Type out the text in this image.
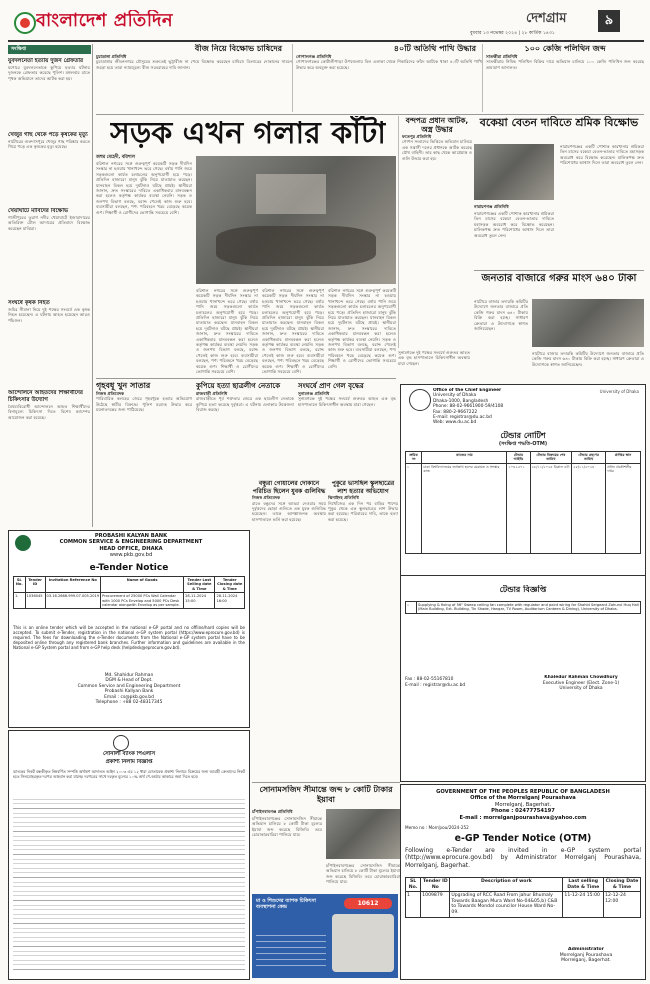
বাংলাদেশ প্রতিদিন	দেশগ্রাম	৯
বুধবার ১৩ নভেম্বর ২০২৪ | ২৮ কার্তিক ১৪৩১
সংক্ষিপ্ত
যুবদলনেতা হত্যায় দুজন গ্রেফতার
যশোরে যুবদলনেতাকে কুপিয়ে হত্যার ঘটনায় দুজনকে গ্রেফতার করেছে পুলিশ। মঙ্গলবার রাতে পৃথক অভিযানে তাদের আটক করা হয়।
খেজুর গাছ থেকে পড়ে কৃষকের মৃত্যু
নাটোরের গুরুদাসপুরে খেজুর গাছ পরিষ্কার করতে গিয়ে পড়ে এক কৃষকের মৃত্যু হয়েছে।
খেয়াঘাটে মাবিদের বিক্ষোভ
গাজীপুরের তুরাগ নদীর খেয়াঘাটে ইজারাদারের অতিরিক্ত টোল আদায়ের প্রতিবাদে বিক্ষোভ করেছেন মাঝিরা।
সংঘর্ষে কৃষক নিহত
জমির সীমানা নিয়ে দুই পক্ষের সংঘর্ষে এক কৃষক নিহত হয়েছেন। এ ঘটনায় আহত হয়েছেন আরও পাঁচজন।
আন্দোলনে আহতদের শিক্ষার্থীদের চিকিৎসার উদ্যোগ
বৈষম্যবিরোধী আন্দোলনে আহত শিক্ষার্থীদের বিনামূল্যে চিকিৎসা দিতে বিশেষ ক্যাম্পের আয়োজন করা হয়েছে।
বীজ নিয়ে বিক্ষোভ চাষিদের
চুয়াডাঙ্গা প্রতিনিধি
চুয়াডাঙ্গার জীবননগরে মৌসুমের শুরুতেই ভুট্টাবীজ না পেয়ে বিক্ষোভ করেছেন চাষিরা। ডিলারের দোকানের সামনে জড়ো হয়ে তারা ন্যায্যমূল্যে বীজ সরবরাহের দাবি জানান।
৪০টি অতিথি পাখি উদ্ধার
গোপালগঞ্জ প্রতিনিধি
গোপালগঞ্জের কোটালীপাড়া উপজেলায় বিল এলাকা থেকে শিকারিদের ফাঁদে আটকে থাকা ৪০টি অতিথি পাখি উদ্ধার করে অবমুক্ত করা হয়েছে।
১০০ কেজি পলিথিন জব্দ
সাতক্ষীরা প্রতিনিধি
সাতক্ষীরায় নিষিদ্ধ পলিথিন বিক্রির দায়ে অভিযান চালিয়ে ১০০ কেজি পলিথিন জব্দ করেছে ভ্রাম্যমাণ আদালত।
সড়ক এখন গলার কাঁটা
জহুর মেহেদী, বরিশাল
বরিশাল নগরের সঙ্গে গুরুত্বপূর্ণ কয়েকটি সড়ক দীর্ঘদিন সংস্কার না হওয়ায় খানাখন্দে ভরে গেছে। বর্ষায় পানি জমে সড়কগুলো কার্যত চলাচলের অনুপযোগী হয়ে পড়ে। প্রতিদিন হাজারো মানুষ ঝুঁকি নিয়ে যাতায়াত করছেন। যানবাহন বিকল হয়ে দুর্ঘটনাও ঘটছে প্রায়ই। স্থানীয়রা জানান, দ্রুত সংস্কারের দাবিতে একাধিকবার মানববন্ধন করা হলেও কর্তৃপক্ষ কার্যকর ব্যবস্থা নেয়নি। সড়ক ও জনপথ বিভাগ বলছে, বরাদ্দ পেলেই কাজ শুরু হবে। ব্যবসায়ীরা বলছেন, পণ্য পরিবহনে খরচ বেড়েছে কয়েক গুণ। শিক্ষার্থী ও রোগীদের ভোগান্তি সবচেয়ে বেশি।
বরিশাল নগরের সঙ্গে গুরুত্বপূর্ণ কয়েকটি সড়ক দীর্ঘদিন সংস্কার না হওয়ায় খানাখন্দে ভরে গেছে। বর্ষায় পানি জমে সড়কগুলো কার্যত চলাচলের অনুপযোগী হয়ে পড়ে। প্রতিদিন হাজারো মানুষ ঝুঁকি নিয়ে যাতায়াত করছেন। যানবাহন বিকল হয়ে দুর্ঘটনাও ঘটছে প্রায়ই। স্থানীয়রা জানান, দ্রুত সংস্কারের দাবিতে একাধিকবার মানববন্ধন করা হলেও কর্তৃপক্ষ কার্যকর ব্যবস্থা নেয়নি। সড়ক ও জনপথ বিভাগ বলছে, বরাদ্দ পেলেই কাজ শুরু হবে। ব্যবসায়ীরা বলছেন, পণ্য পরিবহনে খরচ বেড়েছে কয়েক গুণ। শিক্ষার্থী ও রোগীদের ভোগান্তি সবচেয়ে বেশি।
বরিশাল নগরের সঙ্গে গুরুত্বপূর্ণ কয়েকটি সড়ক দীর্ঘদিন সংস্কার না হওয়ায় খানাখন্দে ভরে গেছে। বর্ষায় পানি জমে সড়কগুলো কার্যত চলাচলের অনুপযোগী হয়ে পড়ে। প্রতিদিন হাজারো মানুষ ঝুঁকি নিয়ে যাতায়াত করছেন। যানবাহন বিকল হয়ে দুর্ঘটনাও ঘটছে প্রায়ই। স্থানীয়রা জানান, দ্রুত সংস্কারের দাবিতে একাধিকবার মানববন্ধন করা হলেও কর্তৃপক্ষ কার্যকর ব্যবস্থা নেয়নি। সড়ক ও জনপথ বিভাগ বলছে, বরাদ্দ পেলেই কাজ শুরু হবে। ব্যবসায়ীরা বলছেন, পণ্য পরিবহনে খরচ বেড়েছে কয়েক গুণ। শিক্ষার্থী ও রোগীদের ভোগান্তি সবচেয়ে বেশি।
বরিশাল নগরের সঙ্গে গুরুত্বপূর্ণ কয়েকটি সড়ক দীর্ঘদিন সংস্কার না হওয়ায় খানাখন্দে ভরে গেছে। বর্ষায় পানি জমে সড়কগুলো কার্যত চলাচলের অনুপযোগী হয়ে পড়ে। প্রতিদিন হাজারো মানুষ ঝুঁকি নিয়ে যাতায়াত করছেন। যানবাহন বিকল হয়ে দুর্ঘটনাও ঘটছে প্রায়ই। স্থানীয়রা জানান, দ্রুত সংস্কারের দাবিতে একাধিকবার মানববন্ধন করা হলেও কর্তৃপক্ষ কার্যকর ব্যবস্থা নেয়নি। সড়ক ও জনপথ বিভাগ বলছে, বরাদ্দ পেলেই কাজ শুরু হবে। ব্যবসায়ীরা বলছেন, পণ্য পরিবহনে খরচ বেড়েছে কয়েক গুণ। শিক্ষার্থী ও রোগীদের ভোগান্তি সবচেয়ে বেশি।
বন্দপত্র প্রধান আটক, অস্ত্র উদ্ধার
ফতেপুর প্রতিনিধি
গোপন সংবাদের ভিত্তিতে অভিযান চালিয়ে এক সন্ত্রাসী দলের প্রধানকে আটক করেছে যৌথ বাহিনী। তার কাছ থেকে আগ্নেয়াস্ত্র ও গুলি উদ্ধার করা হয়।
বকেয়া বেতন দাবিতে শ্রমিক বিক্ষোভ
নারায়ণগঞ্জ প্রতিনিধি
নারায়ণগঞ্জের একটি পোশাক কারখানার শ্রমিকরা তিন মাসের বকেয়া বেতন-ভাতার দাবিতে মহাসড়ক অবরোধ করে বিক্ষোভ করেছেন। মালিকপক্ষ দ্রুত পরিশোধের আশ্বাস দিলে তারা অবরোধ তুলে নেন।
নারায়ণগঞ্জের একটি পোশাক কারখানার শ্রমিকরা তিন মাসের বকেয়া বেতন-ভাতার দাবিতে মহাসড়ক অবরোধ করে বিক্ষোভ করেছেন। মালিকপক্ষ দ্রুত পরিশোধের আশ্বাস দিলে তারা অবরোধ তুলে নেন।
জনতার বাজারে গরুর মাংস ৬৪০ টাকা
নাটোরে বাজার তদারকি কমিটির উদ্যোগে জনতার বাজারে প্রতি কেজি গরুর মাংস ৬৪০ টাকায় বিক্রি করা হচ্ছে। সাধারণ ক্রেতারা এ উদ্যোগকে স্বাগত জানিয়েছেন।
নাটোরে বাজার তদারকি কমিটির উদ্যোগে জনতার বাজারে প্রতি কেজি গরুর মাংস ৬৪০ টাকায় বিক্রি করা হচ্ছে। সাধারণ ক্রেতারা এ উদ্যোগকে স্বাগত জানিয়েছেন।
গৃহবধূ খুন সাতার
নিজস্ব প্রতিবেদক
পারিবারিক কলহের জেরে গৃহবধূকে হত্যার অভিযোগ উঠেছে স্বামীর বিরুদ্ধে। পুলিশ মরদেহ উদ্ধার করে ময়নাতদন্তের জন্য পাঠিয়েছে।
কুপিয়ে হত্যা ছাত্রলীগ নেতাকে
রাজবাড়ী প্রতিনিধি
রাজবাড়ীতে পূর্ব শত্রুতার জেরে এক ছাত্রলীগ নেতাকে কুপিয়ে হত্যা করেছে দুর্বৃত্তরা। এ ঘটনায় এলাকায় উত্তেজনা বিরাজ করছে।
সংঘর্ষে প্রাণ গেল বৃদ্ধের
সুনামগঞ্জ প্রতিনিধি
সুনামগঞ্জে দুই পক্ষের সংঘর্ষে গুরুতর আহত এক বৃদ্ধ হাসপাতালে চিকিৎসাধীন অবস্থায় মারা গেছেন।
সুনামগঞ্জে দুই পক্ষের সংঘর্ষে গুরুতর আহত এক বৃদ্ধ হাসপাতালে চিকিৎসাধীন অবস্থায় মারা গেছেন।
Office of the Chief Engineer
University of Dhaka
Dhaka-1000, Bangladesh
Phone: 88-02-9661900-59/4108
Fax: 880-2-9667222
E-mail: registrar@du.ac.bd
Web: www.du.ac.bd
University of Dhaka
টেন্ডার নোটিশ
(সংক্ষিপ্ত পদ্ধতি-OTM)
ক্রমিক নং	কাজের নাম	টেন্ডার আইডি	টেন্ডার বিক্রয়ের শেষ তারিখ	টেন্ডার গ্রহণের তারিখ	প্রাপ্তির স্থান
১	ঢাকা বিশ্ববিদ্যালয়ের জগন্নাথ হলের মেরামত ও সংস্কার কাজ	১০৪২৫৭১	২৮/১১/২০২৪ বিকাল ৪টা	২৮/১১/২০২৪	প্রধান প্রকৌশলীর দপ্তর
টেন্ডার বিজ্ঞপ্তি
১	Supplying & fixing of 56" Sweep ceiling fan complete with regulator and point wiring for Shahid Sergeant Zahurul Huq Hall (Main Building, Ext. Building, Tin Shade, Hangar, TV Room, Auditorium Canteen & Dining), University of Dhaka.
Fax : 88-02-55167810
E-mail : registrar@du.ac.bd
Khaledur Rahman Chowdhury
Executive Engineer (Elect. Zone-1)
University of Dhaka
PROBASHI KALYAN BANK
COMMON SERVICE & ENGINEERING DEPARTMENT
HEAD OFFICE, DHAKA
www.pkb.gov.bd
e-Tender Notice
SL No.	Tender ID	Invitation Reference No	Name of Goods	Tender Last Selling date & Time	Tender Closing date & Time
1.	1036045	03.16.2666.999.07.005.2019	Procurement of 25000 PCs Wall Calendar with 1000 PCs Envelop and 5000 PCs Desk calendar alongwith Envelop as per sample.	28-11-2024 15:00	28-11-2024 16:00
This is an online tender which will be accepted in the national e-GP portal and no offline/hard copies will be accepted. To submit e-Tender, registration in the national e-GP system portal (https://www.eprocure.gov.bd) is required. The fees for downloading the e-Tender documents from the National e-GP system portal have to be deposited online through any registered bank branches. Further information and guidelines are available in the National e-GP System portal and from e-GP help desk (helpdesk@eprocure.gov.bd).
Md. Shahidur Rahman
DGM & Head of Dept.
Common Service and Engineering Department
Probashi Kallyan Bank
Email : cs@pkb.gov.bd
Telephone : +88 02-48317345
বন্ধুরা গোয়ালের দোকানে পরিচিত ছিলেন যুবক গুলিবিদ্ধ
নিজস্ব প্রতিবেদক
রাতে বন্ধুদের সঙ্গে আড্ডা দেওয়ার সময় দুর্বৃত্তদের ছোড়া গুলিতে এক যুবক গুলিবিদ্ধ হয়েছেন। তাকে আশঙ্কাজনক অবস্থায় হাসপাতালে ভর্তি করা হয়েছে।
পুকুরে ভাসছিল স্কুলছাত্রের লাশ হত্যার অভিযোগ
ঝিনাইদহ প্রতিনিধি
নিখোঁজের এক দিন পর বাড়ির পাশের পুকুর থেকে এক স্কুলছাত্রের লাশ উদ্ধার করা হয়েছে। পরিবারের দাবি, তাকে হত্যা করা হয়েছে।
সোনালী ব্যাংক পিএলসি
প্রকাশ্য নিলাম বিজ্ঞপ্তি
ব্যাংকের নিকট বন্ধকীকৃত নিম্নবর্ণিত সম্পত্তি অর্থঋণ আদালত আইন ২০০৩ এর ১২ ধারা মোতাবেক প্রকাশ্য নিলামে বিক্রয়ের জন্য আগ্রহী ক্রেতাদের নিকট হতে সিলমোহরকৃত দরপত্র আহবান করা যাচ্ছে। দরপত্রের সাথে দরকৃত মূল্যের ১০% অর্থ পে-অর্ডার আকারে জমা দিতে হবে।
সোনামসজিদ সীমান্তে জব্দ ৮ কোটি টাকার ইয়াবা
চাঁপাইনবাবগঞ্জ প্রতিনিধি
চাঁপাইনবাবগঞ্জের সোনামসজিদ সীমান্তে অভিযান চালিয়ে ৮ কোটি টাকা মূল্যের ইয়াবা জব্দ করেছে বিজিবি। তবে চোরাকারবারিরা পালিয়ে যায়।
চাঁপাইনবাবগঞ্জের সোনামসজিদ সীমান্তে অভিযান চালিয়ে ৮ কোটি টাকা মূল্যের ইয়াবা জব্দ করেছে বিজিবি। তবে চোরাকারবারিরা পালিয়ে যায়।
মা ও শিশুদের ব্যাপক চিকিৎসা ব্যবস্থাপনা কেন্দ্র
10612
GOVERNMENT OF THE PEOPLES REPUBLIC OF BANGLADESH
Office of the Morrelganj Pourashava
Morrelganj, Bagerhat.
Phone : 02477754197
E-mail : morrelganjpourashava@yahoo.com
Memo no : Morr/pou/2024-252
e-GP Tender Notice (OTM)
Following e-Tender are invited in e-GP system portal (http://www.eprocure.gov.bd) by Administrator Morrelganj Pourashava, Morrelganj, Bagerhat.
SL No.	Tender ID No	Description of work	Last selling Date & Time	Closing Date & Time
1	1009879	Upgrading of RCC Road From jahur Bhumaly Towards Baagan Mura Ward No-04&05,b) C&B to Towards Mondol councilor House Ward No-09.	11-12-24 15:00	12-12-24 12:00
Administrator
Morrelganj Pourashava
Morrelganj, Bagerhat.
